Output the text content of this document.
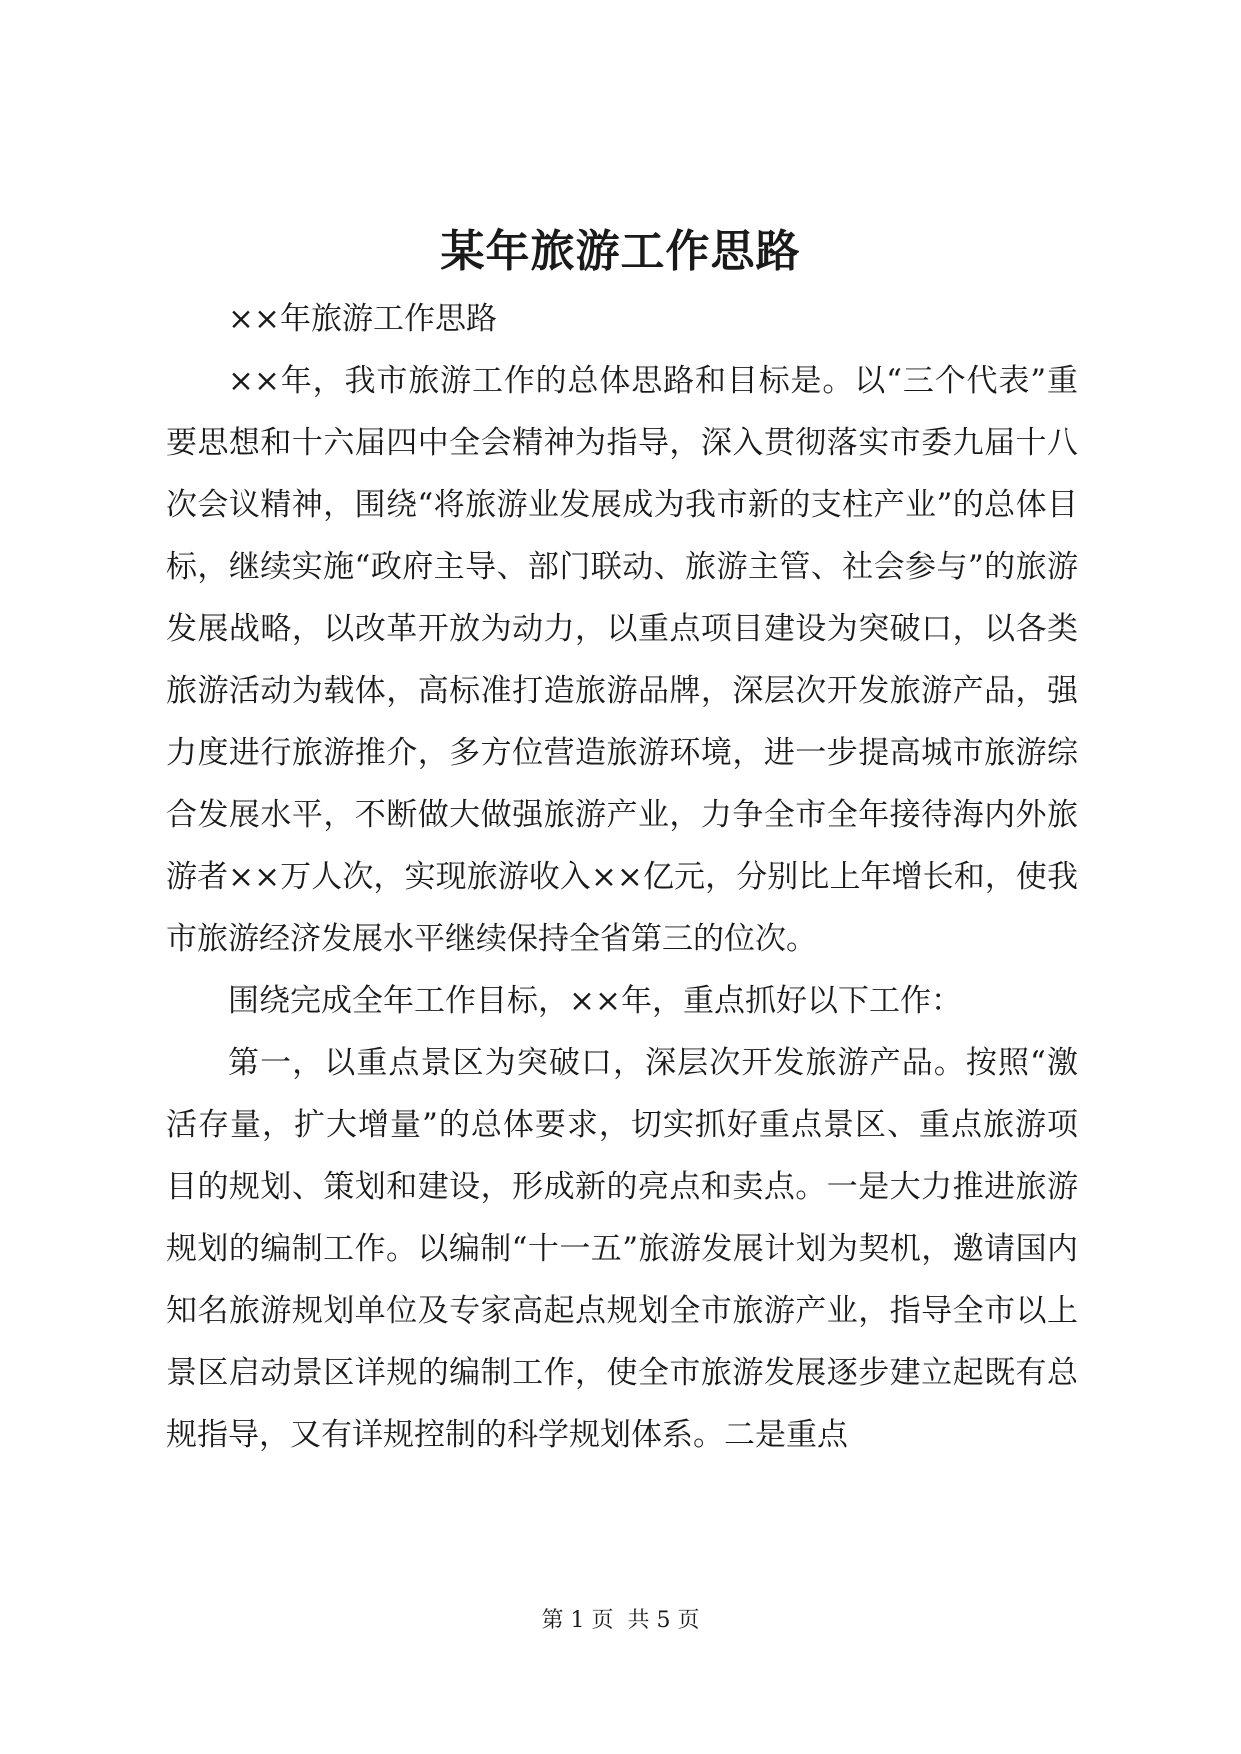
某年旅游工作思路

××年旅游工作思路

××年，我市旅游工作的总体思路和目标是。以“三个代表”重要思想和十六届四中全会精神为指导，深入贯彻落实市委九届十八次会议精神，围绕“将旅游业发展成为我市新的支柱产业”的总体目标，继续实施“政府主导、部门联动、旅游主管、社会参与”的旅游发展战略，以改革开放为动力，以重点项目建设为突破口，以各类旅游活动为载体，高标准打造旅游品牌，深层次开发旅游产品，强力度进行旅游推介，多方位营造旅游环境，进一步提高城市旅游综合发展水平，不断做大做强旅游产业，力争全市全年接待海内外旅游者××万人次，实现旅游收入××亿元，分别比上年增长和，使我市旅游经济发展水平继续保持全省第三的位次。

围绕完成全年工作目标，××年，重点抓好以下工作：

第一，以重点景区为突破口，深层次开发旅游产品。按照“激活存量，扩大增量”的总体要求，切实抓好重点景区、重点旅游项目的规划、策划和建设，形成新的亮点和卖点。一是大力推进旅游规划的编制工作。以编制“十一五”旅游发展计划为契机，邀请国内知名旅游规划单位及专家高起点规划全市旅游产业，指导全市以上景区启动景区详规的编制工作，使全市旅游发展逐步建立起既有总规指导，又有详规控制的科学规划体系。二是重点

第 1 页  共 5 页
